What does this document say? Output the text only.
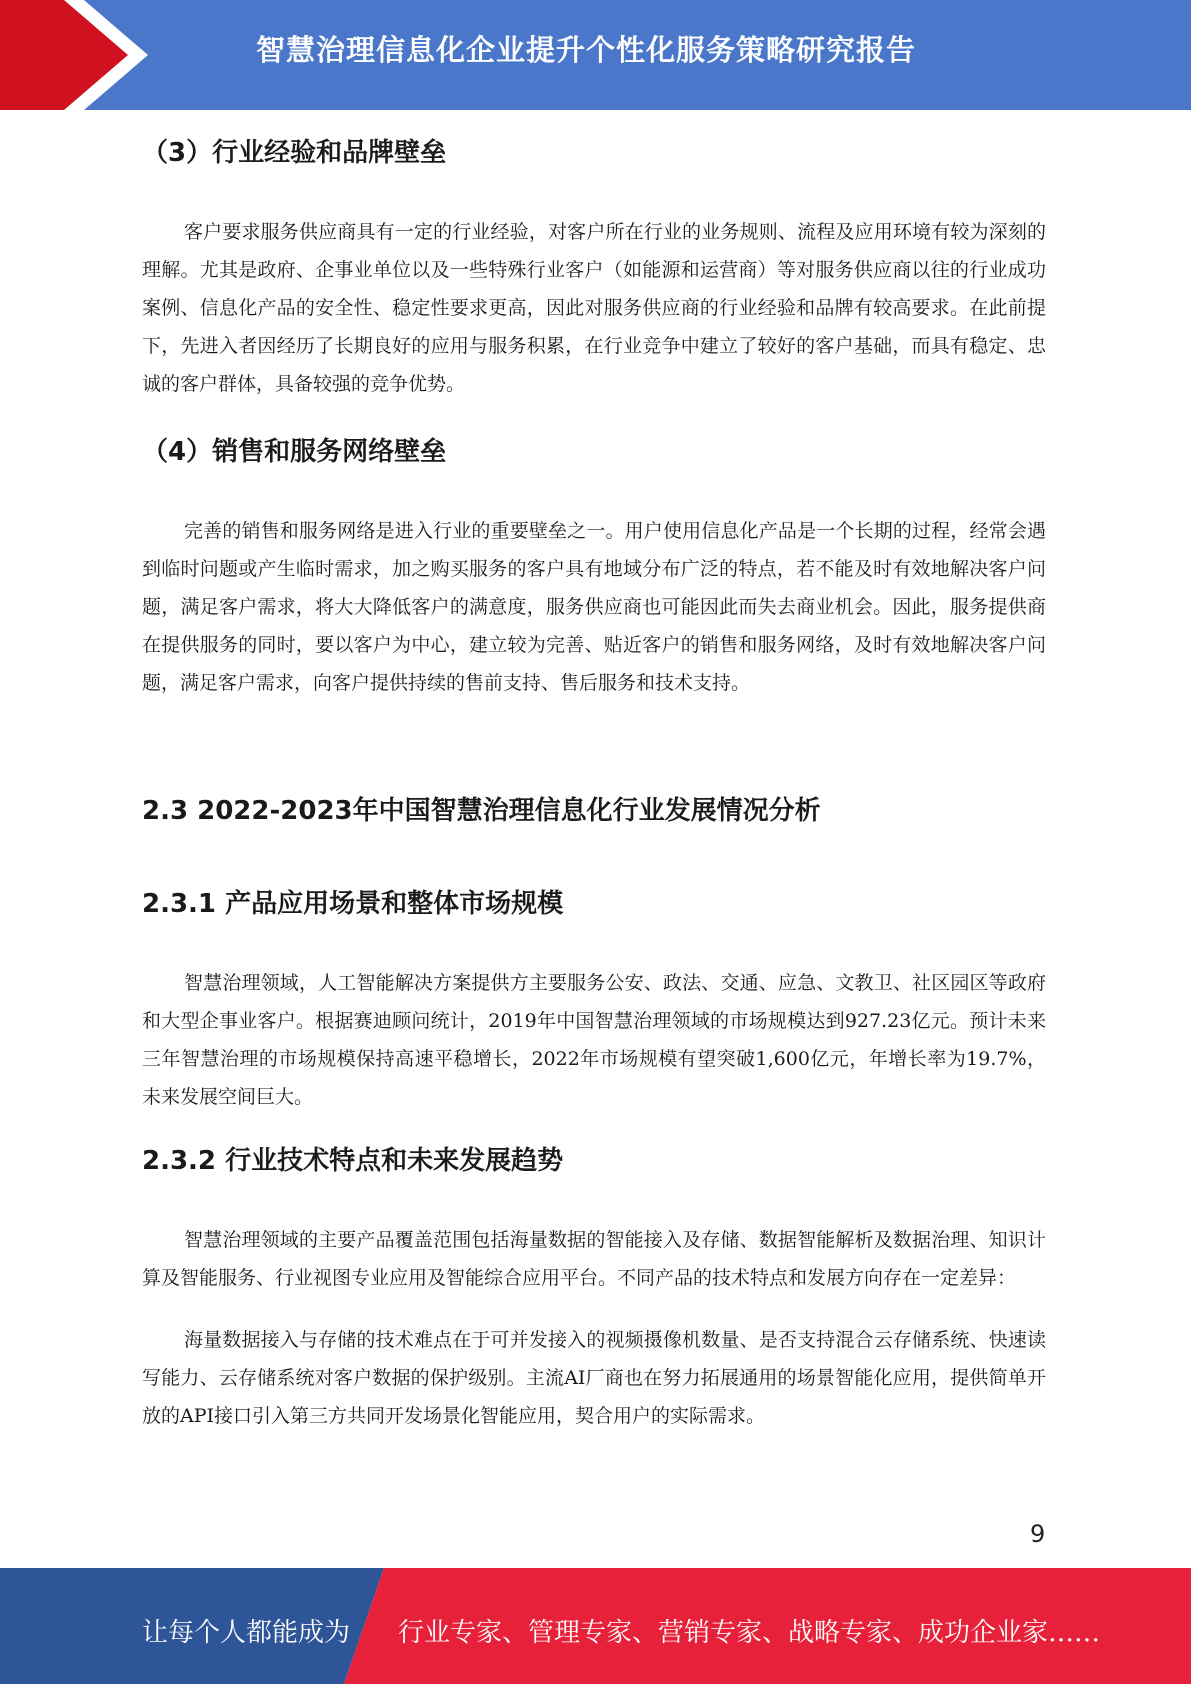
智慧治理信息化企业提升个性化服务策略研究报告
（3）行业经验和品牌壁垒

客户要求服务供应商具有一定的行业经验，对客户所在行业的业务规则、流程及应用环境有较为深刻的理解。尤其是政府、企事业单位以及一些特殊行业客户（如能源和运营商）等对服务供应商以往的行业成功案例、信息化产品的安全性、稳定性要求更高，因此对服务供应商的行业经验和品牌有较高要求。在此前提下，先进入者因经历了长期良好的应用与服务积累，在行业竞争中建立了较好的客户基础，而具有稳定、忠诚的客户群体，具备较强的竞争优势。

（4）销售和服务网络壁垒

完善的销售和服务网络是进入行业的重要壁垒之一。用户使用信息化产品是一个长期的过程，经常会遇到临时问题或产生临时需求，加之购买服务的客户具有地域分布广泛的特点，若不能及时有效地解决客户问题，满足客户需求，将大大降低客户的满意度，服务供应商也可能因此而失去商业机会。因此，服务提供商在提供服务的同时，要以客户为中心，建立较为完善、贴近客户的销售和服务网络，及时有效地解决客户问题，满足客户需求，向客户提供持续的售前支持、售后服务和技术支持。

2.3 2022-2023年中国智慧治理信息化行业发展情况分析
2.3.1 产品应用场景和整体市场规模

智慧治理领域，人工智能解决方案提供方主要服务公安、政法、交通、应急、文教卫、社区园区等政府和大型企事业客户。根据赛迪顾问统计，2019年中国智慧治理领域的市场规模达到927.23亿元。预计未来三年智慧治理的市场规模保持高速平稳增长，2022年市场规模有望突破1,600亿元，年增长率为19.7%，未来发展空间巨大。

2.3.2 行业技术特点和未来发展趋势

智慧治理领域的主要产品覆盖范围包括海量数据的智能接入及存储、数据智能解析及数据治理、知识计算及智能服务、行业视图专业应用及智能综合应用平台。不同产品的技术特点和发展方向存在一定差异：

海量数据接入与存储的技术难点在于可并发接入的视频摄像机数量、是否支持混合云存储系统、快速读写能力、云存储系统对客户数据的保护级别。主流AI厂商也在努力拓展通用的场景智能化应用，提供简单开放的API接口引入第三方共同开发场景化智能应用，契合用户的实际需求。

9
让每个人都能成为 行业专家、管理专家、营销专家、战略专家、成功企业家……
